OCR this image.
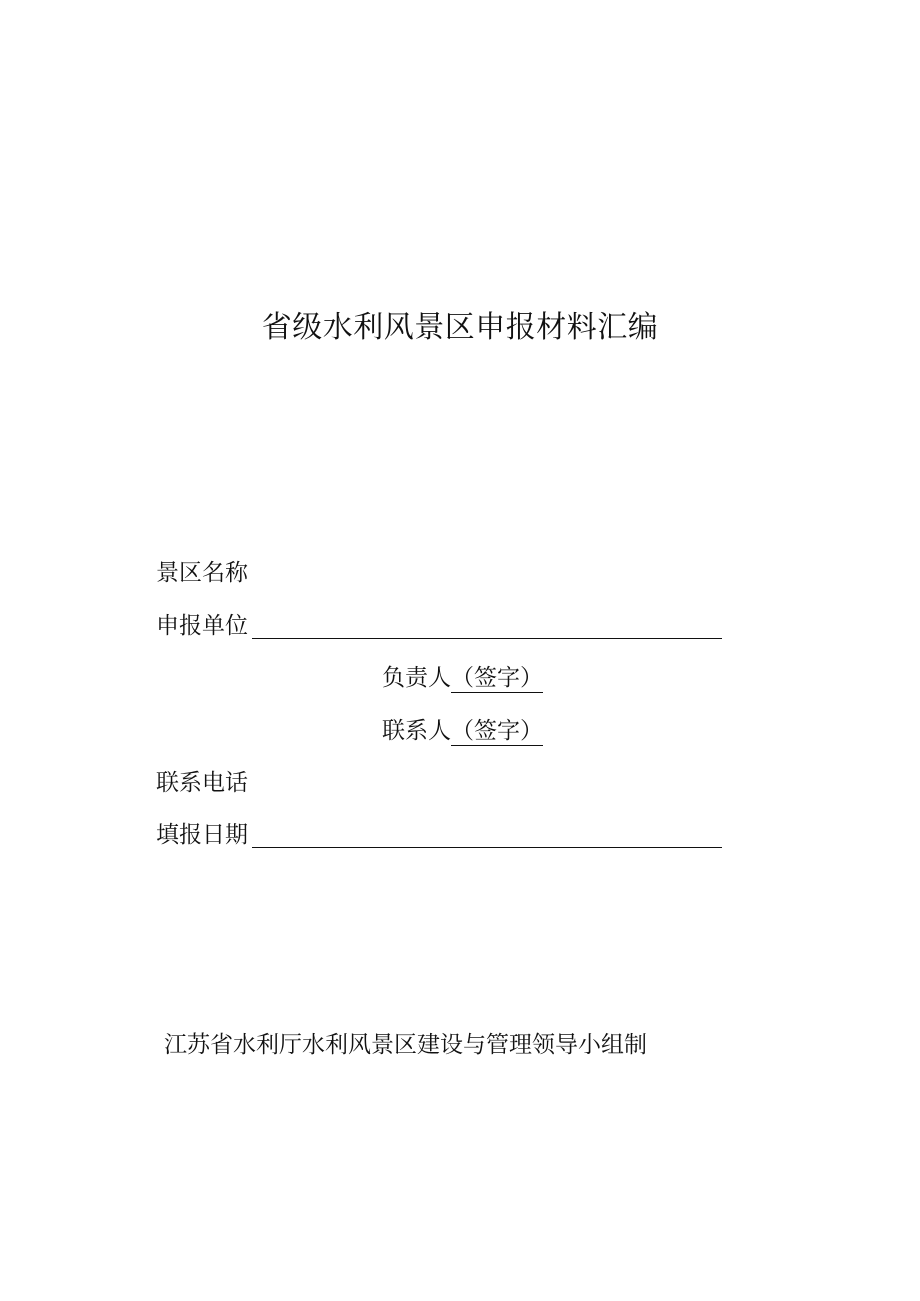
省级水利风景区申报材料汇编
景区名称
申报单位
负责人（签字）
联系人（签字）
联系电话
填报日期
江苏省水利厅水利风景区建设与管理领导小组制
